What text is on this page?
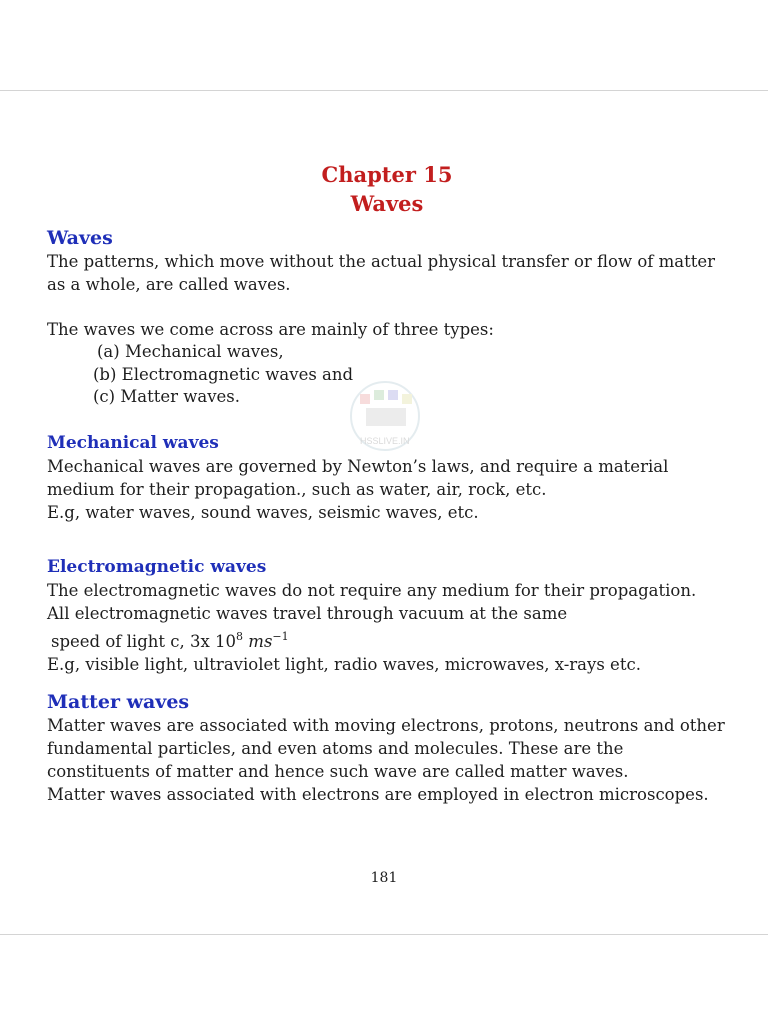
HSSLIVE.IN
Chapter 15
Waves
Waves

The patterns, which move without the actual physical transfer or flow of matter as a whole, are called waves.

The waves we come across are mainly of three types:

(a) Mechanical waves,
(b) Electromagnetic waves and
(c) Matter waves.
Mechanical waves

Mechanical waves are governed by Newton’s laws, and require a material medium for their propagation., such as water, air, rock, etc.

E.g, water waves, sound waves, seismic waves, etc.

Electromagnetic waves

The electromagnetic waves do not require any medium for their propagation.

All electromagnetic waves travel through vacuum at the same

speed of light c, 3x $10^8$ $ms^{-1}$

E.g, visible light, ultraviolet light, radio waves, microwaves, x-rays etc.

Matter waves

Matter waves are associated with moving electrons, protons, neutrons and other fundamental particles, and even atoms and molecules. These are the constituents of matter and hence such wave are called matter waves.

Matter waves associated with electrons are employed in electron microscopes.

181
